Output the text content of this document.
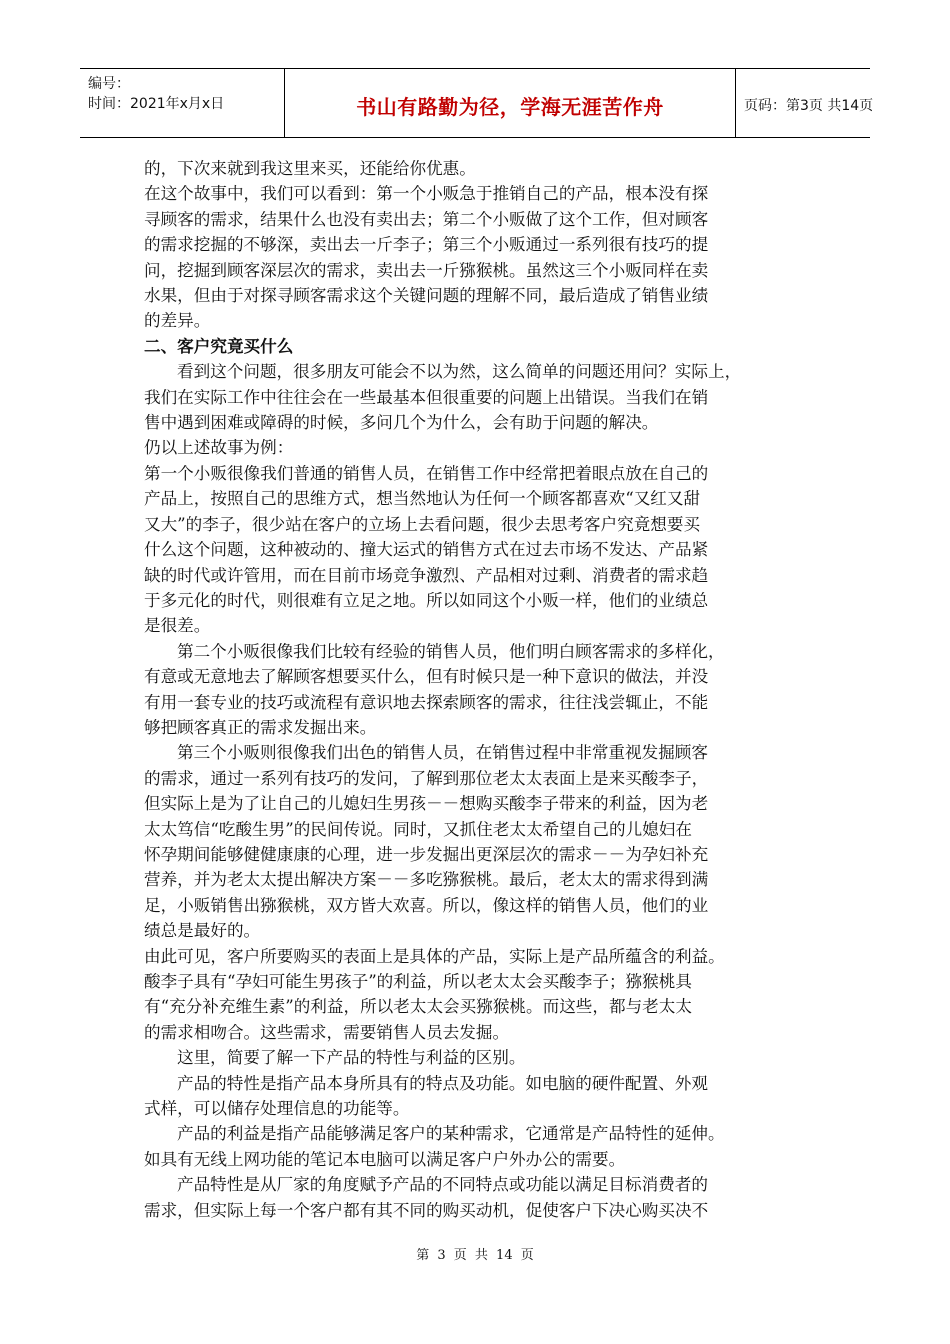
编号：
时间：2021年x月x日	书山有路勤为径，学海无涯苦作舟	页码：第3页 共14页

的，下次来就到我这里来买，还能给你优惠。

在这个故事中，我们可以看到：第一个小贩急于推销自己的产品，根本没有探

寻顾客的需求，结果什么也没有卖出去；第二个小贩做了这个工作，但对顾客

的需求挖掘的不够深，卖出去一斤李子；第三个小贩通过一系列很有技巧的提

问，挖掘到顾客深层次的需求，卖出去一斤猕猴桃。虽然这三个小贩同样在卖

水果，但由于对探寻顾客需求这个关键问题的理解不同，最后造成了销售业绩

的差异。

二、客户究竟买什么

看到这个问题，很多朋友可能会不以为然，这么简单的问题还用问？实际上，

我们在实际工作中往往会在一些最基本但很重要的问题上出错误。当我们在销

售中遇到困难或障碍的时候，多问几个为什么，会有助于问题的解决。

仍以上述故事为例：

第一个小贩很像我们普通的销售人员，在销售工作中经常把着眼点放在自己的

产品上，按照自己的思维方式，想当然地认为任何一个顾客都喜欢“又红又甜

又大”的李子，很少站在客户的立场上去看问题，很少去思考客户究竟想要买

什么这个问题，这种被动的、撞大运式的销售方式在过去市场不发达、产品紧

缺的时代或许管用，而在目前市场竞争激烈、产品相对过剩、消费者的需求趋

于多元化的时代，则很难有立足之地。所以如同这个小贩一样，他们的业绩总

是很差。

第二个小贩很像我们比较有经验的销售人员，他们明白顾客需求的多样化，

有意或无意地去了解顾客想要买什么，但有时候只是一种下意识的做法，并没

有用一套专业的技巧或流程有意识地去探索顾客的需求，往往浅尝辄止，不能

够把顾客真正的需求发掘出来。

第三个小贩则很像我们出色的销售人员，在销售过程中非常重视发掘顾客

的需求，通过一系列有技巧的发问，了解到那位老太太表面上是来买酸李子，

但实际上是为了让自己的儿媳妇生男孩－－想购买酸李子带来的利益，因为老

太太笃信“吃酸生男”的民间传说。同时，又抓住老太太希望自己的儿媳妇在

怀孕期间能够健健康康的心理，进一步发掘出更深层次的需求－－为孕妇补充

营养，并为老太太提出解决方案－－多吃猕猴桃。最后，老太太的需求得到满

足，小贩销售出猕猴桃，双方皆大欢喜。所以，像这样的销售人员，他们的业

绩总是最好的。

由此可见，客户所要购买的表面上是具体的产品，实际上是产品所蕴含的利益。

酸李子具有“孕妇可能生男孩子”的利益，所以老太太会买酸李子；猕猴桃具

有“充分补充维生素”的利益，所以老太太会买猕猴桃。而这些，都与老太太

的需求相吻合。这些需求，需要销售人员去发掘。

这里，简要了解一下产品的特性与利益的区别。

产品的特性是指产品本身所具有的特点及功能。如电脑的硬件配置、外观

式样，可以储存处理信息的功能等。

产品的利益是指产品能够满足客户的某种需求，它通常是产品特性的延伸。

如具有无线上网功能的笔记本电脑可以满足客户户外办公的需要。

产品特性是从厂家的角度赋予产品的不同特点或功能以满足目标消费者的

需求，但实际上每一个客户都有其不同的购买动机，促使客户下决心购买决不

第 3 页 共 14 页
